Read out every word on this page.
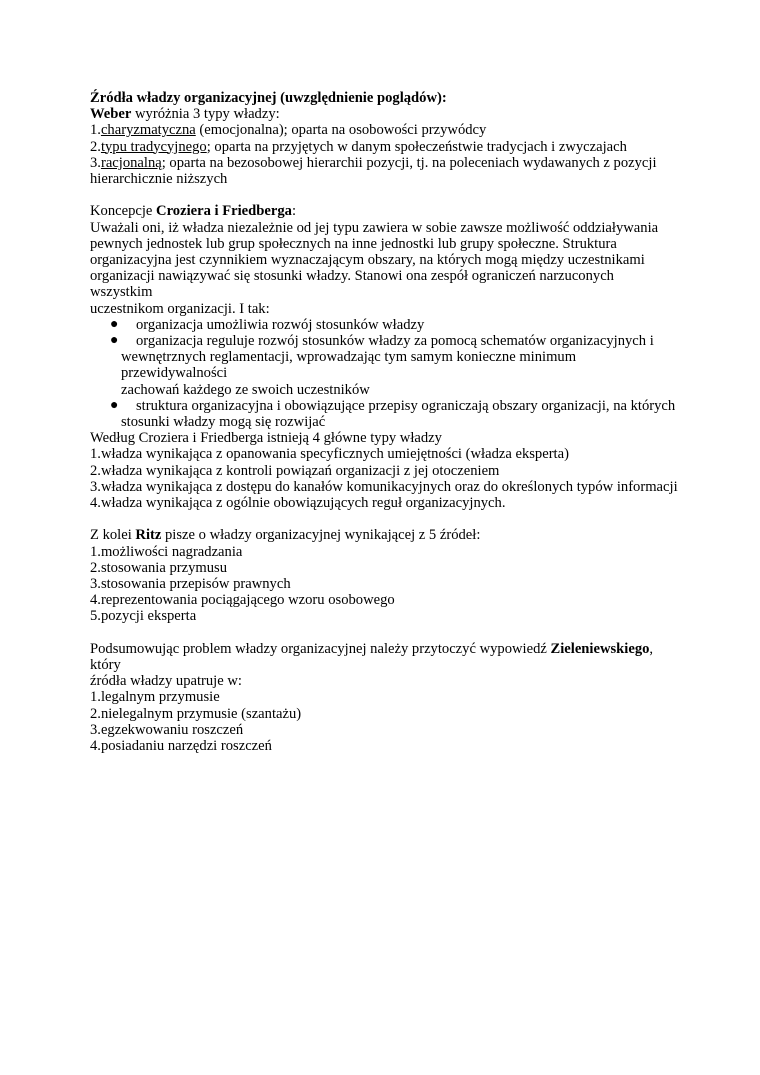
Źródła władzy organizacyjnej (uwzględnienie poglądów):
Weber wyróżnia 3 typy władzy:
1.charyzmatyczna (emocjonalna); oparta na osobowości przywódcy
2.typu tradycyjnego; oparta na przyjętych w danym społeczeństwie tradycjach i zwyczajach
3.racjonalną; oparta na bezosobowej hierarchii pozycji, tj. na poleceniach wydawanych z pozycji
hierarchicznie niższych
Koncepcje Croziera i Friedberga:
Uważali oni, iż władza niezależnie od jej typu zawiera w sobie zawsze możliwość oddziaływania
pewnych jednostek lub grup społecznych na inne jednostki lub grupy społeczne. Struktura
organizacyjna jest czynnikiem wyznaczającym obszary, na których mogą między uczestnikami
organizacji nawiązywać się stosunki władzy. Stanowi ona zespół ograniczeń narzuconych wszystkim
uczestnikom organizacji. I tak:
● organizacja umożliwia rozwój stosunków władzy
●	organizacja reguluje rozwój stosunków władzy za pomocą schematów organizacyjnych i
wewnętrznych reglamentacji, wprowadzając tym samym konieczne minimum przewidywalności
zachowań każdego ze swoich uczestników
●	struktura organizacyjna i obowiązujące przepisy ograniczają obszary organizacji, na których
stosunki władzy mogą się rozwijać
Według Croziera i Friedberga istnieją 4 główne typy władzy
1.władza wynikająca z opanowania specyficznych umiejętności (władza eksperta)
2.władza wynikająca z kontroli powiązań organizacji z jej otoczeniem
3.władza wynikająca z dostępu do kanałów komunikacyjnych oraz do określonych typów informacji
4.władza wynikająca z ogólnie obowiązujących reguł organizacyjnych.
Z kolei Ritz pisze o władzy organizacyjnej wynikającej z 5 źródeł:
1.możliwości nagradzania
2.stosowania przymusu
3.stosowania przepisów prawnych
4.reprezentowania pociągającego wzoru osobowego
5.pozycji eksperta
Podsumowując problem władzy organizacyjnej należy przytoczyć wypowiedź Zieleniewskiego, który
źródła władzy upatruje w:
1.legalnym przymusie
2.nielegalnym przymusie (szantażu)
3.egzekwowaniu roszczeń
4.posiadaniu narzędzi roszczeń
